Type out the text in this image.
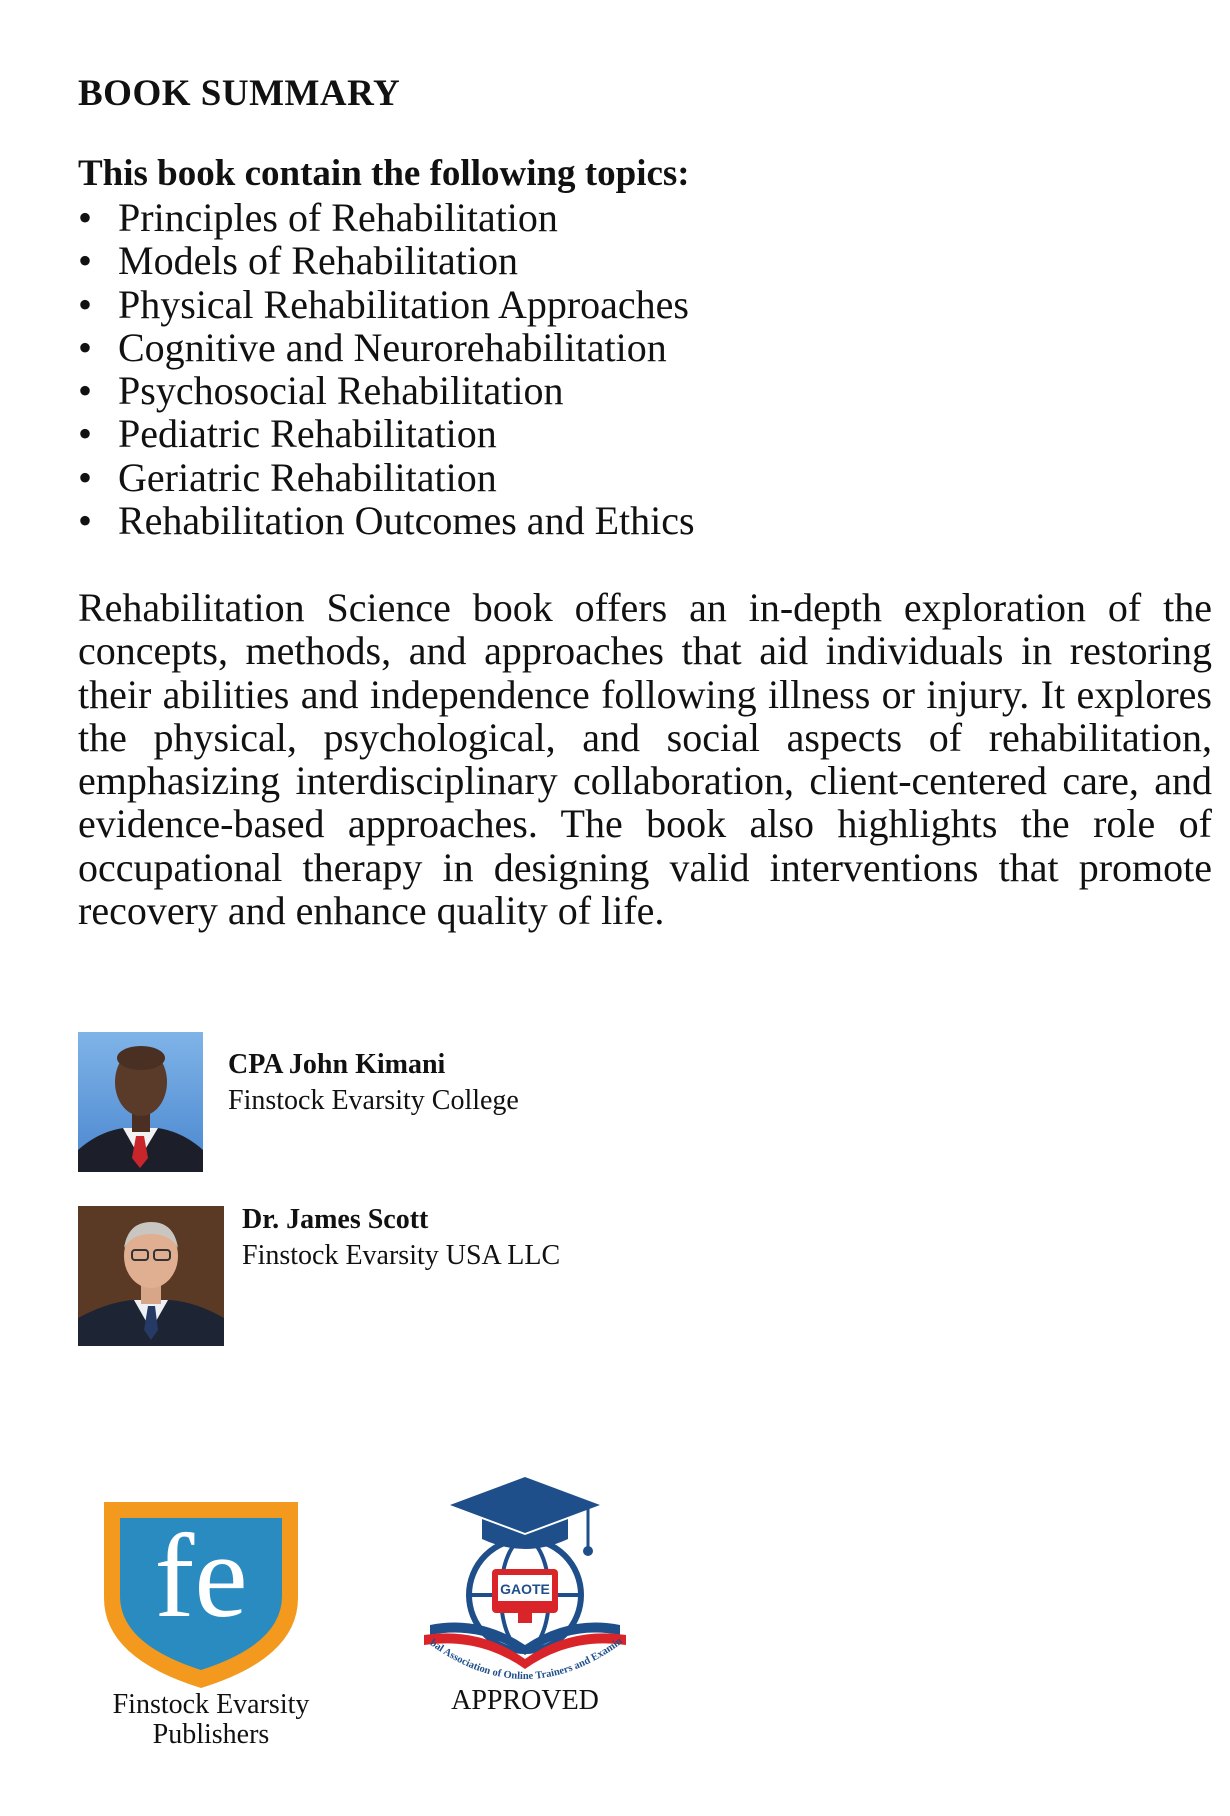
BOOK SUMMARY
This book contain the following topics:
• Principles of Rehabilitation
• Models of Rehabilitation
• Physical Rehabilitation Approaches
• Cognitive and Neurorehabilitation
• Psychosocial Rehabilitation
• Pediatric Rehabilitation
• Geriatric Rehabilitation
• Rehabilitation Outcomes and Ethics

Rehabilitation Science book offers an in-depth exploration of the concepts, methods, and approaches that aid individuals in restoring their abilities and independence following illness or injury. It explores the physical, psychological, and social aspects of rehabilitation, emphasizing interdisciplinary collaboration, client-centered care, and evidence-based approaches. The book also highlights the role of occupational therapy in designing valid interventions that promote recovery and enhance quality of life.

CPA John Kimani
Finstock Evarsity College
Dr. James Scott
Finstock Evarsity USA LLC
fe
Finstock Evarsity
Publishers
GAOTE
bal Association of Online Trainers and Examin
APPROVED
